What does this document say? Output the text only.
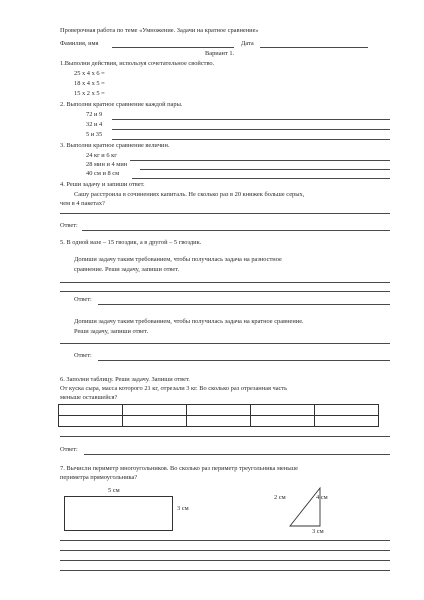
Проверочная работа по теме «Умножение. Задачи на кратное сравнение»
Фамилия, имя	Дата
Вариант 1.
1.Выполни действия, используя сочетательное свойство.
25 х 4 х 6 =
18 х 4 х 5 =
15 х 2 х 5 =
2. Выполни кратное сравнение каждой пары.
72 и 9
32 и 4
5 и 35
3. Выполни кратное сравнение величин.
24 кг и 6 кг
28 мин и 4 мин
40 см и 8 см
4. Реши задачу и запиши ответ.
Сашу расстроила в сочинениях капиталь. Не сколько раз в 20 книжек больше серых,
чем в 4 пакетах?
Ответ:
5. В одной вазе – 15 гвоздик, а в другой – 5 гвоздик.
Допиши задачу таким требованием, чтобы получилась задача на разностное
сравнение. Реши задачу, запиши ответ.
Ответ:
Допиши задачу таким требованием, чтобы получилась задача на кратное сравнение.
Реши задачу, запиши ответ.
Ответ:
6. Заполни таблицу. Реши задачу. Запиши ответ.
От куска сыра, масса которого 21 кг, отрезали 3 кг. Во сколько раз отрезанная часть
меньше оставшейся?

Ответ:
7. Вычисли периметр многоугольников. Во сколько раз периметр треугольника меньше
периметра прямоугольника?
5 см
3 см
2 см	4 см
3 см
